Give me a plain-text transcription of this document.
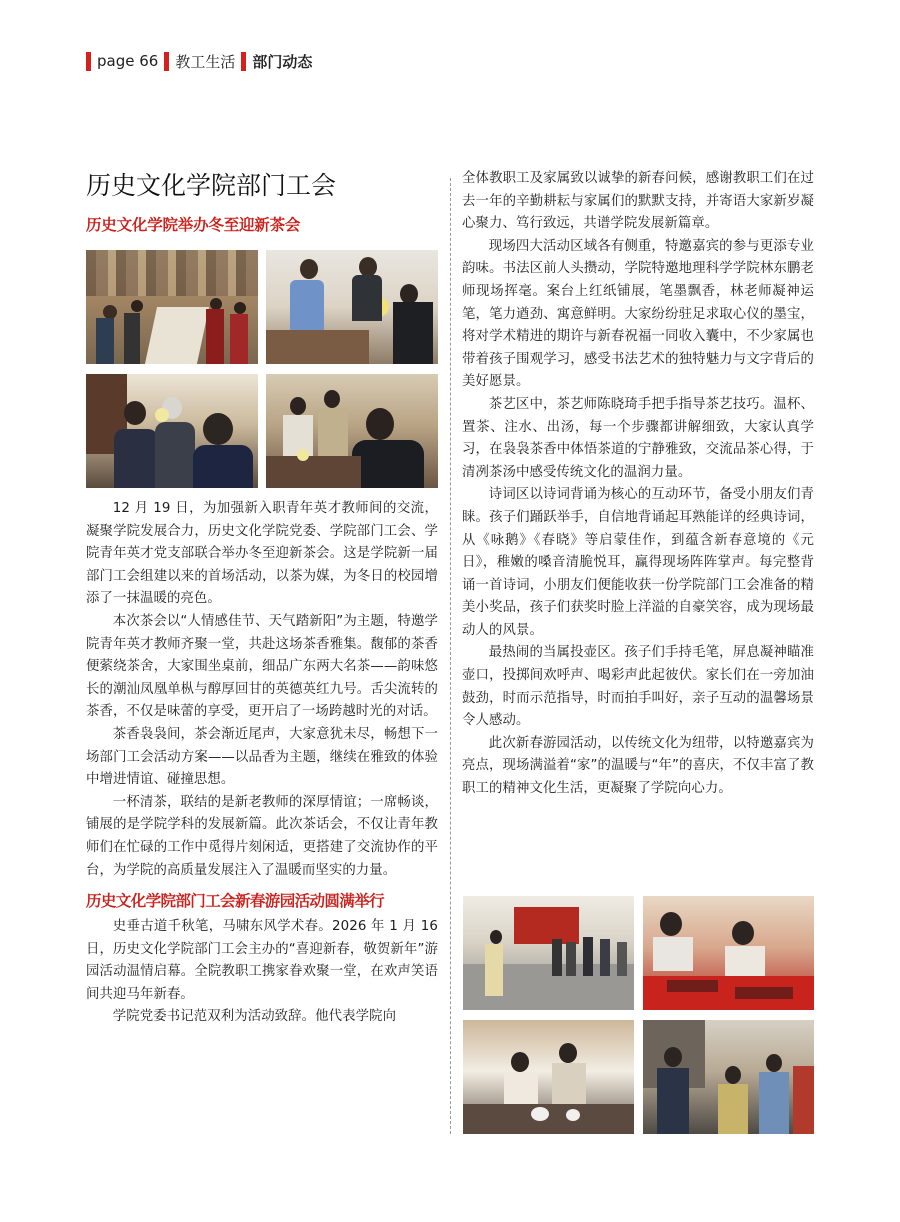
page 66 教工生活 部门动态
历史文化学院部门工会
历史文化学院举办冬至迎新茶会

12 月 19 日，为加强新入职青年英才教师间的交流，凝聚学院发展合力，历史文化学院党委、学院部门工会、学院青年英才党支部联合举办冬至迎新茶会。这是学院新一届部门工会组建以来的首场活动，以茶为媒，为冬日的校园增添了一抹温暖的亮色。

本次茶会以“人情感佳节、天气踏新阳”为主题，特邀学院青年英才教师齐聚一堂，共赴这场茶香雅集。馥郁的茶香便萦绕茶舍，大家围坐桌前，细品广东两大名茶——韵味悠长的潮汕凤凰单枞与醇厚回甘的英德英红九号。舌尖流转的茶香，不仅是味蕾的享受，更开启了一场跨越时光的对话。

茶香袅袅间，茶会渐近尾声，大家意犹未尽，畅想下一场部门工会活动方案——以品香为主题，继续在雅致的体验中增进情谊、碰撞思想。

一杯清茶，联结的是新老教师的深厚情谊；一席畅谈，铺展的是学院学科的发展新篇。此次茶话会，不仅让青年教师们在忙碌的工作中觅得片刻闲适，更搭建了交流协作的平台，为学院的高质量发展注入了温暖而坚实的力量。

历史文化学院部门工会新春游园活动圆满举行

史垂古道千秋笔，马啸东风学术春。2026 年 1 月 16 日，历史文化学院部门工会主办的“喜迎新春，敬贺新年”游园活动温情启幕。全院教职工携家眷欢聚一堂，在欢声笑语间共迎马年新春。

学院党委书记范双利为活动致辞。他代表学院向

全体教职工及家属致以诚挚的新春问候，感谢教职工们在过去一年的辛勤耕耘与家属们的默默支持，并寄语大家新岁凝心聚力、笃行致远，共谱学院发展新篇章。

现场四大活动区域各有侧重，特邀嘉宾的参与更添专业韵味。书法区前人头攒动，学院特邀地理科学学院林东鹏老师现场挥毫。案台上红纸铺展，笔墨飘香，林老师凝神运笔，笔力遒劲、寓意鲜明。大家纷纷驻足求取心仪的墨宝，将对学术精进的期许与新春祝福一同收入囊中，不少家属也带着孩子围观学习，感受书法艺术的独特魅力与文字背后的美好愿景。

茶艺区中，茶艺师陈晓琦手把手指导茶艺技巧。温杯、置茶、注水、出汤，每一个步骤都讲解细致，大家认真学习，在袅袅茶香中体悟茶道的宁静雅致，交流品茶心得，于清冽茶汤中感受传统文化的温润力量。

诗词区以诗词背诵为核心的互动环节，备受小朋友们青睐。孩子们踊跃举手，自信地背诵起耳熟能详的经典诗词，从《咏鹅》《春晓》等启蒙佳作，到蕴含新春意境的《元日》，稚嫩的嗓音清脆悦耳，赢得现场阵阵掌声。每完整背诵一首诗词，小朋友们便能收获一份学院部门工会准备的精美小奖品，孩子们获奖时脸上洋溢的自豪笑容，成为现场最动人的风景。

最热闹的当属投壶区。孩子们手持毛笔，屏息凝神瞄准壶口，投掷间欢呼声、喝彩声此起彼伏。家长们在一旁加油鼓劲，时而示范指导，时而拍手叫好，亲子互动的温馨场景令人感动。

此次新春游园活动，以传统文化为纽带，以特邀嘉宾为亮点，现场满溢着“家”的温暖与“年”的喜庆，不仅丰富了教职工的精神文化生活，更凝聚了学院向心力。
